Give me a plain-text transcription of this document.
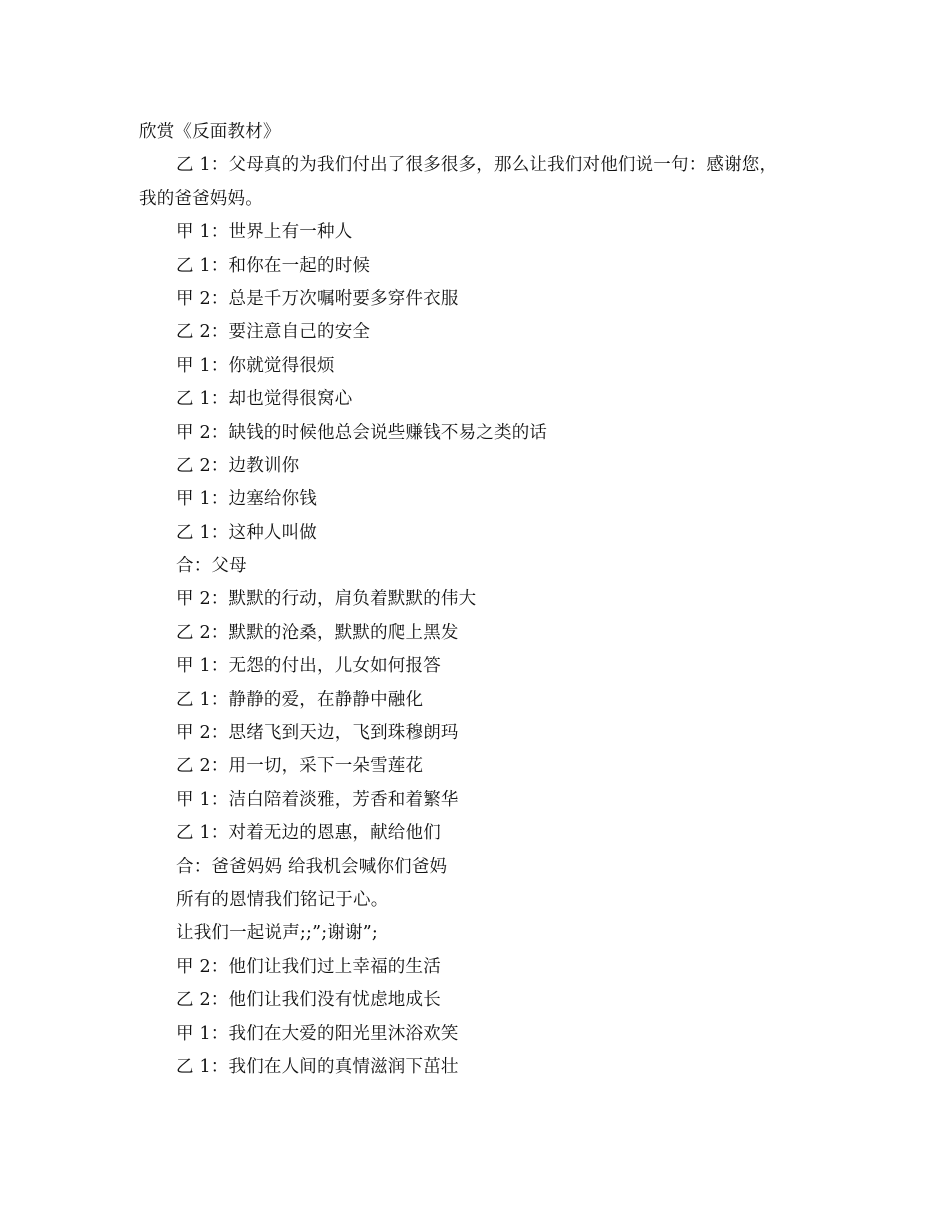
欣赏《反面教材》
乙 1：父母真的为我们付出了很多很多，那么让我们对他们说一句：感谢您，
我的爸爸妈妈。
甲 1：世界上有一种人
乙 1：和你在一起的时候
甲 2：总是千万次嘱咐要多穿件衣服
乙 2：要注意自己的安全
甲 1：你就觉得很烦
乙 1：却也觉得很窝心
甲 2：缺钱的时候他总会说些赚钱不易之类的话
乙 2：边教训你
甲 1：边塞给你钱
乙 1：这种人叫做
合：父母
甲 2：默默的行动，肩负着默默的伟大
乙 2：默默的沧桑，默默的爬上黑发
甲 1：无怨的付出，儿女如何报答
乙 1：静静的爱，在静静中融化
甲 2：思绪飞到天边，飞到珠穆朗玛
乙 2：用一切，采下一朵雪莲花
甲 1：洁白陪着淡雅，芳香和着繁华
乙 1：对着无边的恩惠，献给他们
合：爸爸妈妈 给我机会喊你们爸妈
所有的恩情我们铭记于心。
让我们一起说声;;”;谢谢”;
甲 2：他们让我们过上幸福的生活
乙 2：他们让我们没有忧虑地成长
甲 1：我们在大爱的阳光里沐浴欢笑
乙 1：我们在人间的真情滋润下茁壮
